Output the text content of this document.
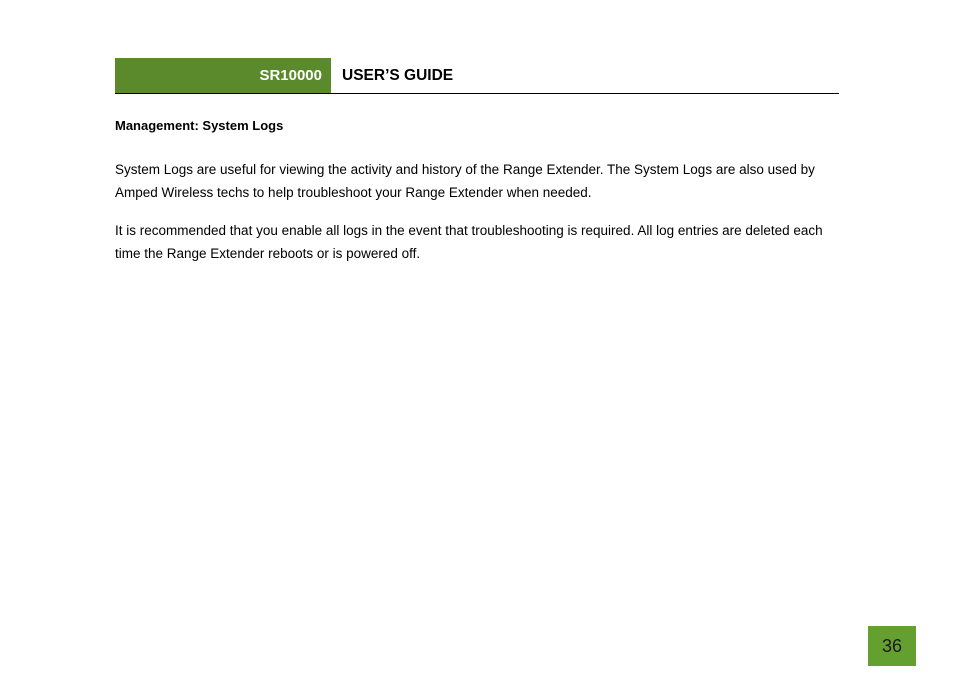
SR10000	USER’S GUIDE
Management: System Logs

System Logs are useful for viewing the activity and history of the Range Extender. The System Logs are also used by Amped Wireless techs to help troubleshoot your Range Extender when needed.

It is recommended that you enable all logs in the event that troubleshooting is required. All log entries are deleted each time the Range Extender reboots or is powered off.

36
